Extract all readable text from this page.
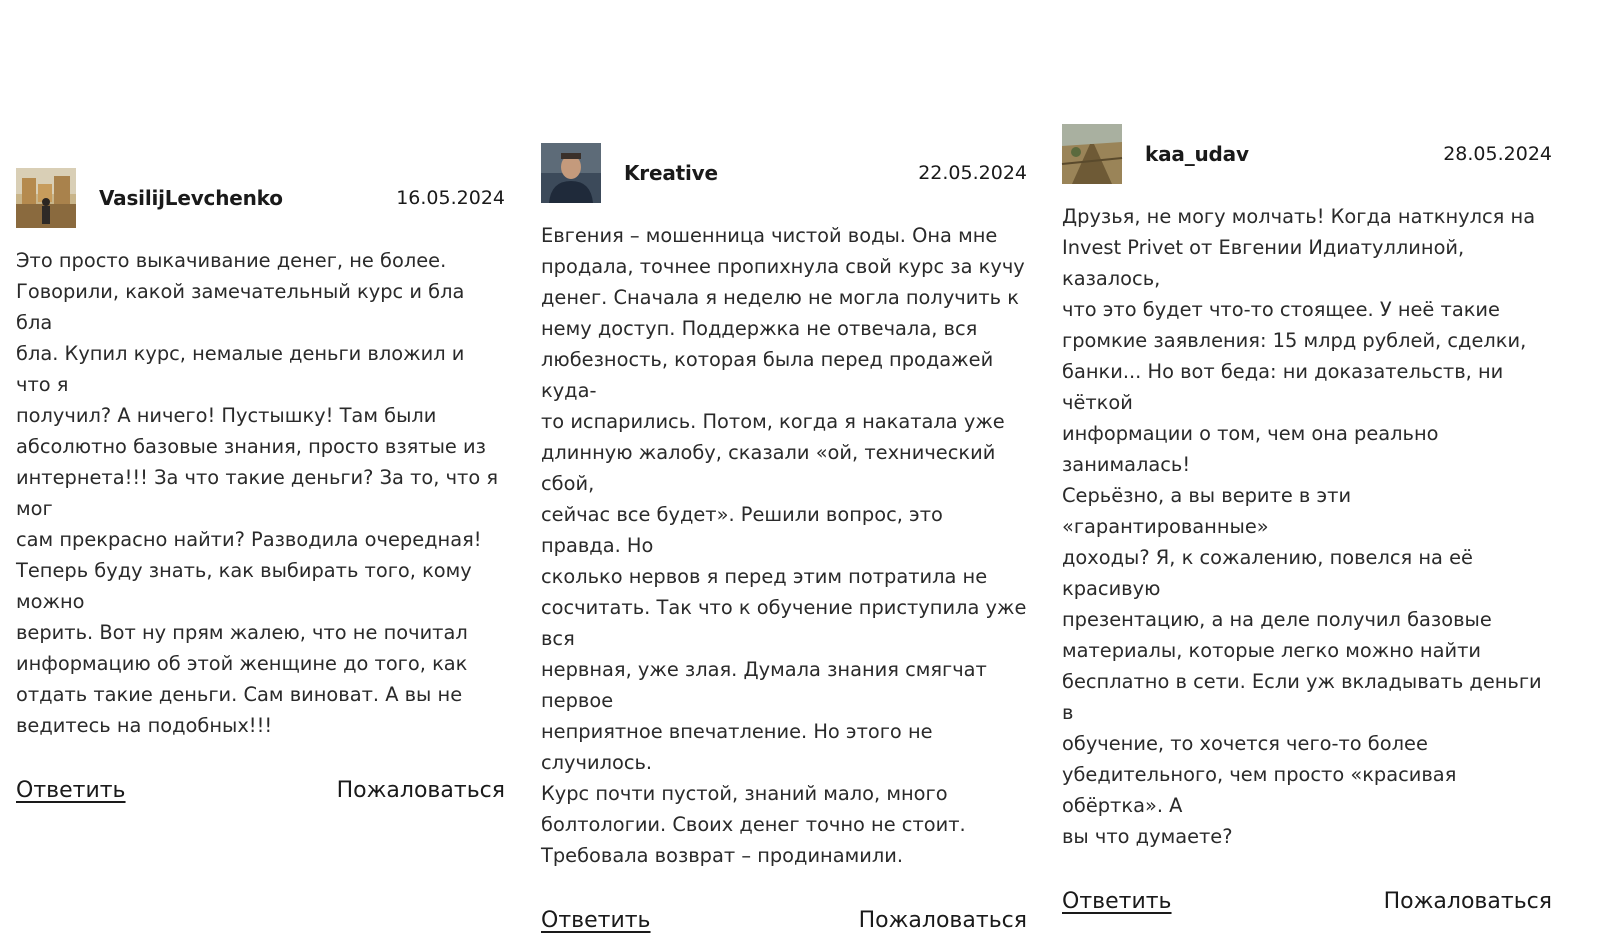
VasilijLevchenko	16.05.2024
Это просто выкачивание денег, не более.
Говорили, какой замечательный курс и бла бла
бла. Купил курс, немалые деньги вложил и что я
получил? А ничего! Пустышку! Там были
абсолютно базовые знания, просто взятые из
интернета!!! За что такие деньги? За то, что я мог
сам прекрасно найти? Разводила очередная!
Теперь буду знать, как выбирать того, кому можно
верить. Вот ну прям жалею, что не почитал
информацию об этой женщине до того, как
отдать такие деньги. Сам виноват. А вы не
ведитесь на подобных!!!
Ответить	Пожаловаться
Kreative	22.05.2024
Евгения – мошенница чистой воды. Она мне
продала, точнее пропихнула свой курс за кучу
денег. Сначала я неделю не могла получить к
нему доступ. Поддержка не отвечала, вся
любезность, которая была перед продажей куда-
то испарились. Потом, когда я накатала уже
длинную жалобу, сказали «ой, технический сбой,
сейчас все будет». Решили вопрос, это правда. Но
сколько нервов я перед этим потратила не
сосчитать. Так что к обучение приступила уже вся
нервная, уже злая. Думала знания смягчат первое
неприятное впечатление. Но этого не случилось.
Курс почти пустой, знаний мало, много
болтологии. Своих денег точно не стоит.
Требовала возврат – продинамили.
Ответить	Пожаловаться
kaa_udav	28.05.2024
Друзья, не могу молчать! Когда наткнулся на
Invest Privet от Евгении Идиатуллиной, казалось,
что это будет что-то стоящее. У неё такие
громкие заявления: 15 млрд рублей, сделки,
банки... Но вот беда: ни доказательств, ни чёткой
информации о том, чем она реально занималась!
Серьёзно, а вы верите в эти «гарантированные»
доходы? Я, к сожалению, повелся на её красивую
презентацию, а на деле получил базовые
материалы, которые легко можно найти
бесплатно в сети. Если уж вкладывать деньги в
обучение, то хочется чего-то более
убедительного, чем просто «красивая обёртка». А
вы что думаете?
Ответить	Пожаловаться
